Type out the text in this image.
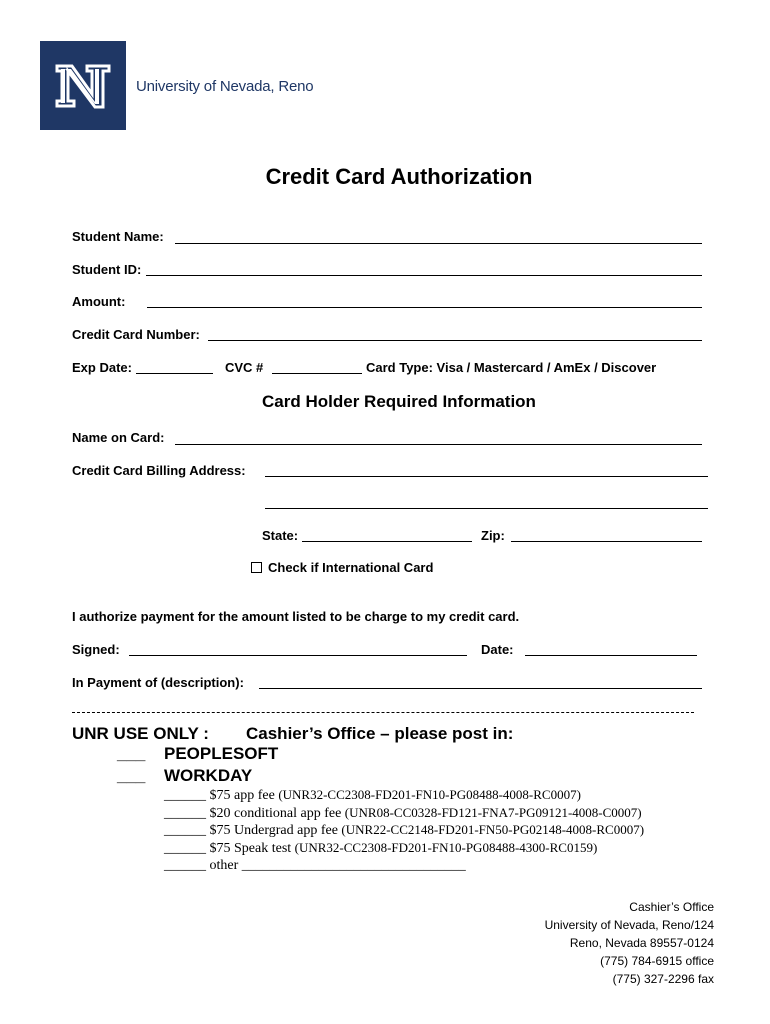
University of Nevada, Reno
Credit Card Authorization
Student Name:
Student ID:
Amount:
Credit Card Number:
Exp Date:	CVC #	Card Type: Visa / Mastercard / AmEx / Discover
Card Holder Required Information
Name on Card:
Credit Card Billing Address:
State:	Zip:
Check if International Card
I authorize payment for the amount listed to be charge to my credit card.
Signed:	Date:
In Payment of (description):
UNR USE ONLY : Cashier’s Office – please post in:
___ PEOPLESOFT
___ WORKDAY
______ $75 app fee (UNR32-CC2308-FD201-FN10-PG08488-4008-RC0007)
______ $20 conditional app fee (UNR08-CC0328-FD121-FNA7-PG09121-4008-C0007)
______ $75 Undergrad app fee (UNR22-CC2148-FD201-FN50-PG02148-4008-RC0007)
______ $75 Speak test (UNR32-CC2308-FD201-FN10-PG08488-4300-RC0159)
______ other ________________________________
Cashier’s Office
University of Nevada, Reno/124
Reno, Nevada 89557-0124
(775) 784-6915 office
(775) 327-2296 fax
